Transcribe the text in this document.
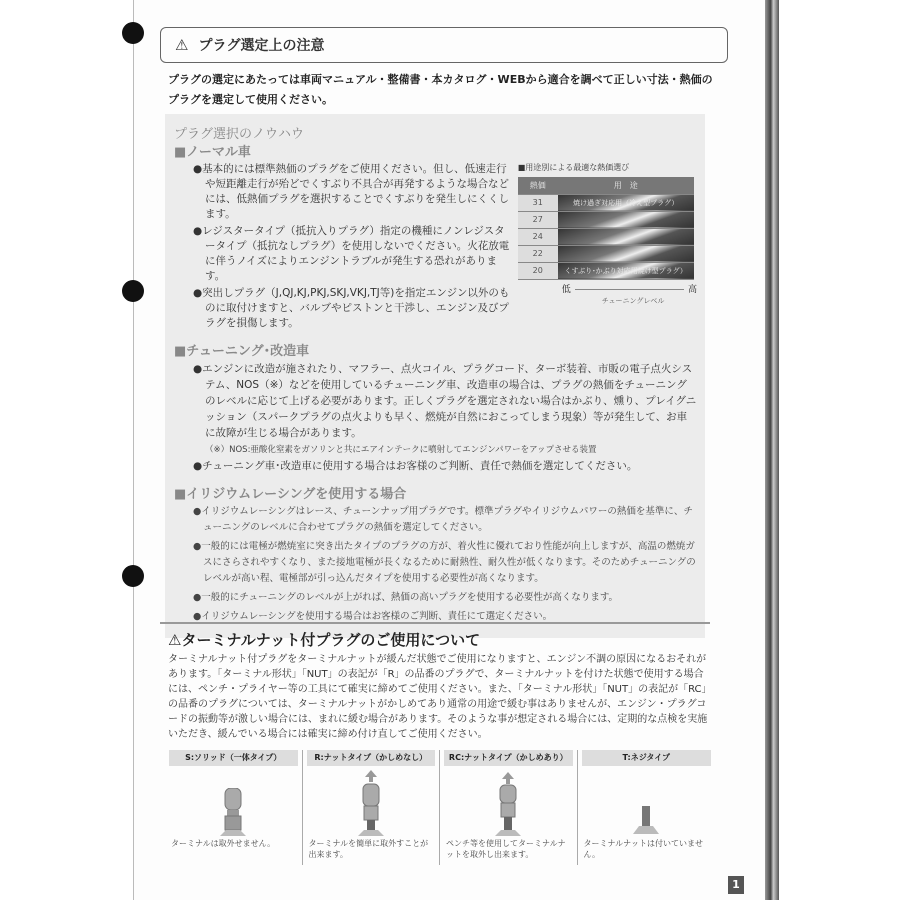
⚠ プラグ選定上の注意
プラグの選定にあたっては車両マニュアル・整備書・本カタログ・WEBから適合を調べて正しい寸法・熱価の
プラグを選定して使用ください。
プラグ選択のノウハウ
■ノーマル車
●基本的には標準熱価のプラグをご使用ください。但し、低速走行や短距離走行が殆どでくすぶり不具合が再発するような場合などには、低熱価プラグを選択することでくすぶりを発生しにくくします。
●レジスタータイプ（抵抗入りプラグ）指定の機種にノンレジスタータイプ（抵抗なしプラグ）を使用しないでください。火花放電に伴うノイズによりエンジントラブルが発生する恐れがあります。
●突出しプラグ（J,QJ,KJ,PKJ,SKJ,VKJ,TJ等)を指定エンジン以外のものに取付けますと、バルブやピストンと干渉し、エンジン及びプラグを損傷します。
■用途別による最適な熱価選び
熱価	用　途
31	焼け過ぎ対応用（冷え型プラグ）
27	
24	
22	
20	くすぶり･かぶり対応用焼け型プラグ）
低	高
チューニングレベル
■チューニング･改造車
●エンジンに改造が施されたり、マフラー、点火コイル、プラグコード、ターボ装着、市販の電子点火システム、NOS（※）などを使用しているチューニング車、改造車の場合は、プラグの熱価をチューニングのレベルに応じて上げる必要があります。正しくプラグを選定されない場合はかぶり、燻り、プレイグニッション（スパークプラグの点火よりも早く、燃焼が自然におこってしまう現象）等が発生して、お車に故障が生じる場合があります。
（※）NOS:亜酸化窒素をガソリンと共にエアインテークに噴射してエンジンパワーをアップさせる装置
●チューニング車･改造車に使用する場合はお客様のご判断、責任で熱価を選定してください。
■イリジウムレーシングを使用する場合
●イリジウムレーシングはレース、チューンナップ用プラグです。標準プラグやイリジウムパワーの熱価を基準に、チューニングのレベルに合わせてプラグの熱価を選定してください。
●一般的には電極が燃焼室に突き出たタイプのプラグの方が、着火性に優れており性能が向上しますが、高温の燃焼ガスにさらされやすくなり、また接地電極が長くなるために耐熱性、耐久性が低くなります。そのためチューニングのレベルが高い程、電極部が引っ込んだタイプを使用する必要性が高くなります。
●一般的にチューニングのレベルが上がれば、熱価の高いプラグを使用する必要性が高くなります。
●イリジウムレーシングを使用する場合はお客様のご判断、責任にて選定ください。
⚠ターミナルナット付プラグのご使用について
ターミナルナット付プラグをターミナルナットが緩んだ状態でご使用になりますと、エンジン不調の原因になるおそれがあります。「ターミナル形状」「NUT」の表記が「R」の品番のプラグで、ターミナルナットを付けた状態で使用する場合には、ペンチ・プライヤー等の工具にて確実に締めてご使用ください。また、「ターミナル形状」「NUT」の表記が「RC」の品番のプラグについては、ターミナルナットがかしめてあり通常の用途で緩む事はありませんが、エンジン・プラグコードの振動等が激しい場合には、まれに緩む場合があります。そのような事が想定される場合には、定期的な点検を実施いただき、緩んでいる場合には確実に締め付け直してご使用ください。
S:ソリッド（一体タイプ）
ターミナルは取外せません。
R:ナットタイプ（かしめなし）
ターミナルを簡単に取外すことが出来ます。
RC:ナットタイプ（かしめあり）
ペンチ等を使用してターミナルナットを取外し出来ます。
T:ネジタイプ
ターミナルナットは付いていません。
1
